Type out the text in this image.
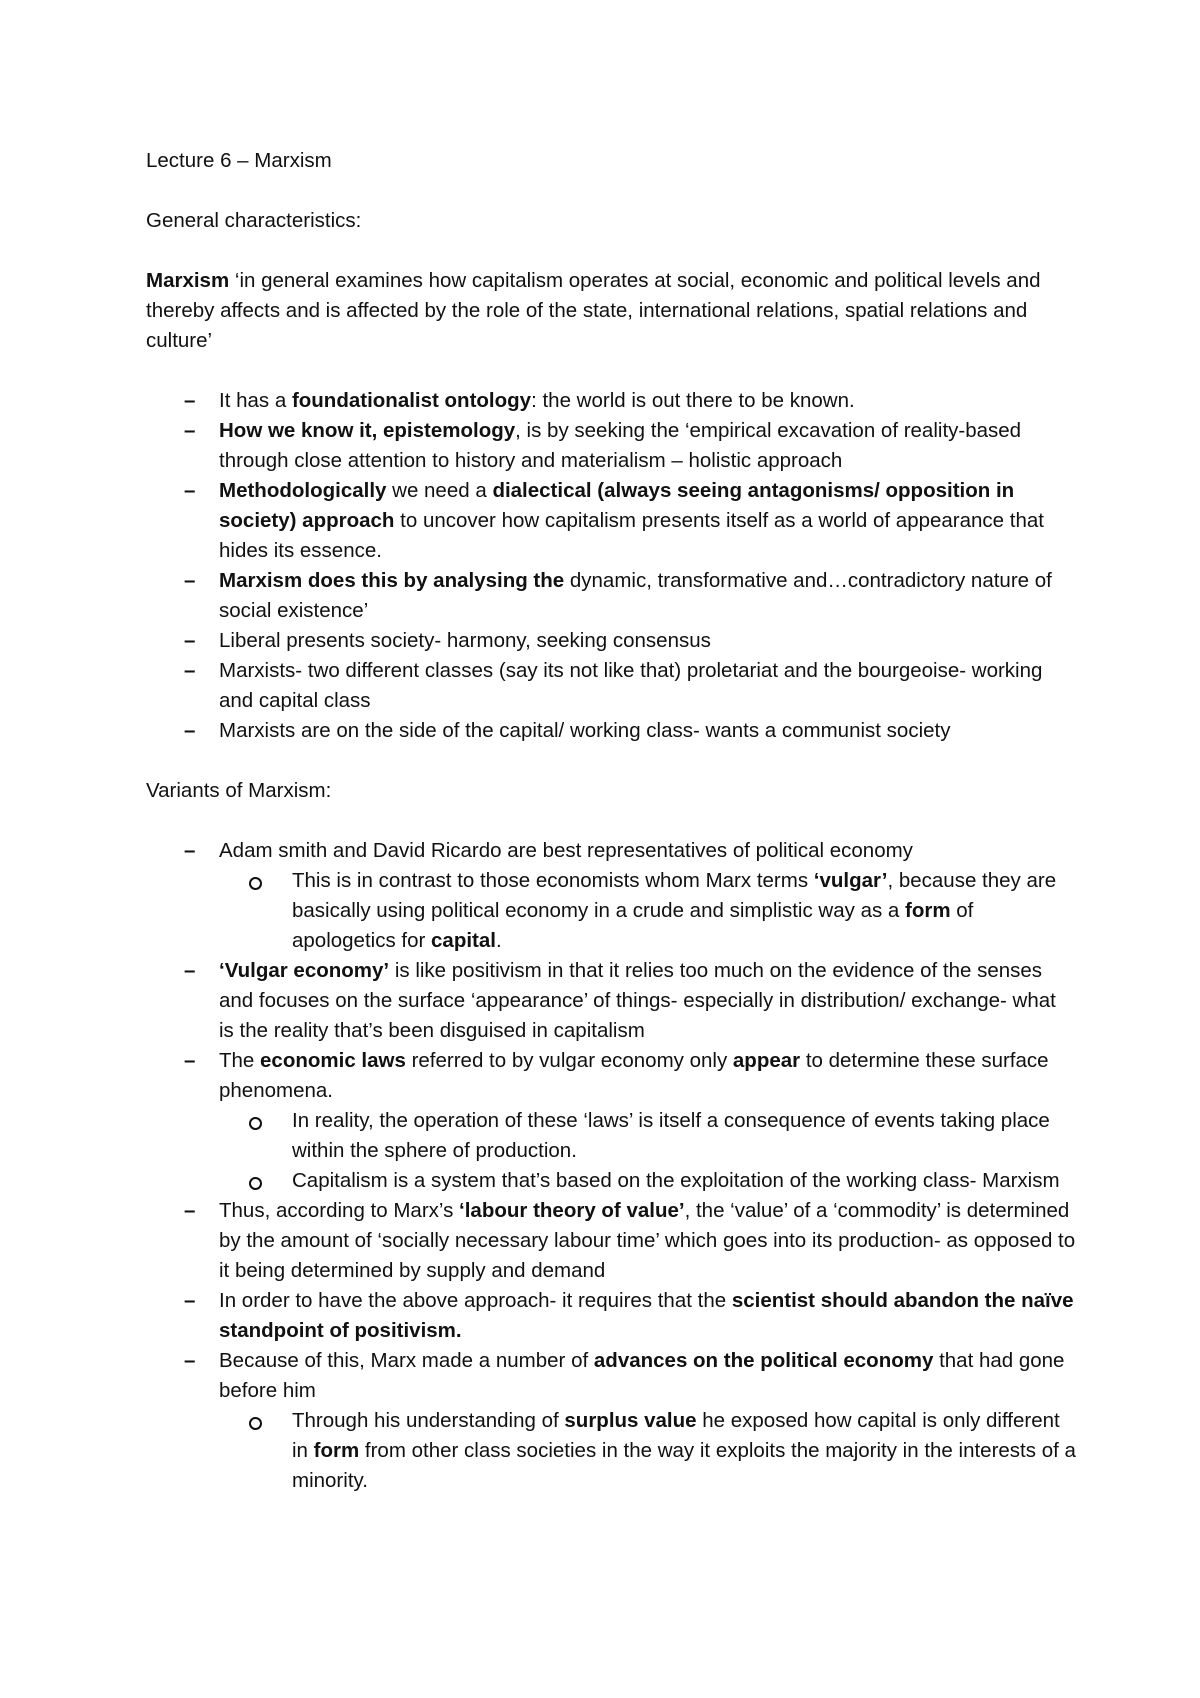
Lecture 6 – Marxism

General characteristics:

Marxism ‘in general examines how capitalism operates at social, economic and political levels and thereby affects and is affected by the role of the state, international relations, spatial relations and culture’

–	It has a foundationalist ontology: the world is out there to be known.
–	How we know it, epistemology, is by seeking the ‘empirical excavation of reality-based through close attention to history and materialism – holistic approach
–	Methodologically we need a dialectical (always seeing antagonisms/ opposition in society) approach to uncover how capitalism presents itself as a world of appearance that hides its essence.
–	Marxism does this by analysing the dynamic, transformative and…contradictory nature of social existence’
–	Liberal presents society- harmony, seeking consensus
–	Marxists- two different classes (say its not like that) proletariat and the bourgeoise- working and capital class
–	Marxists are on the side of the capital/ working class- wants a communist society

Variants of Marxism:

–	Adam smith and David Ricardo are best representatives of political economy
This is in contrast to those economists whom Marx terms ‘vulgar’, because they are basically using political economy in a crude and simplistic way as a form of apologetics for capital.
–	‘Vulgar economy’ is like positivism in that it relies too much on the evidence of the senses and focuses on the surface ‘appearance’ of things- especially in distribution/ exchange- what is the reality that’s been disguised in capitalism
–	The economic laws referred to by vulgar economy only appear to determine these surface phenomena.
In reality, the operation of these ‘laws’ is itself a consequence of events taking place within the sphere of production.
Capitalism is a system that’s based on the exploitation of the working class- Marxism
–	Thus, according to Marx’s ‘labour theory of value’, the ‘value’ of a ‘commodity’ is determined by the amount of ‘socially necessary labour time’ which goes into its production- as opposed to it being determined by supply and demand
–	In order to have the above approach- it requires that the scientist should abandon the naïve standpoint of positivism.
–	Because of this, Marx made a number of advances on the political economy that had gone before him
Through his understanding of surplus value he exposed how capital is only different in form from other class societies in the way it exploits the majority in the interests of a minority.
